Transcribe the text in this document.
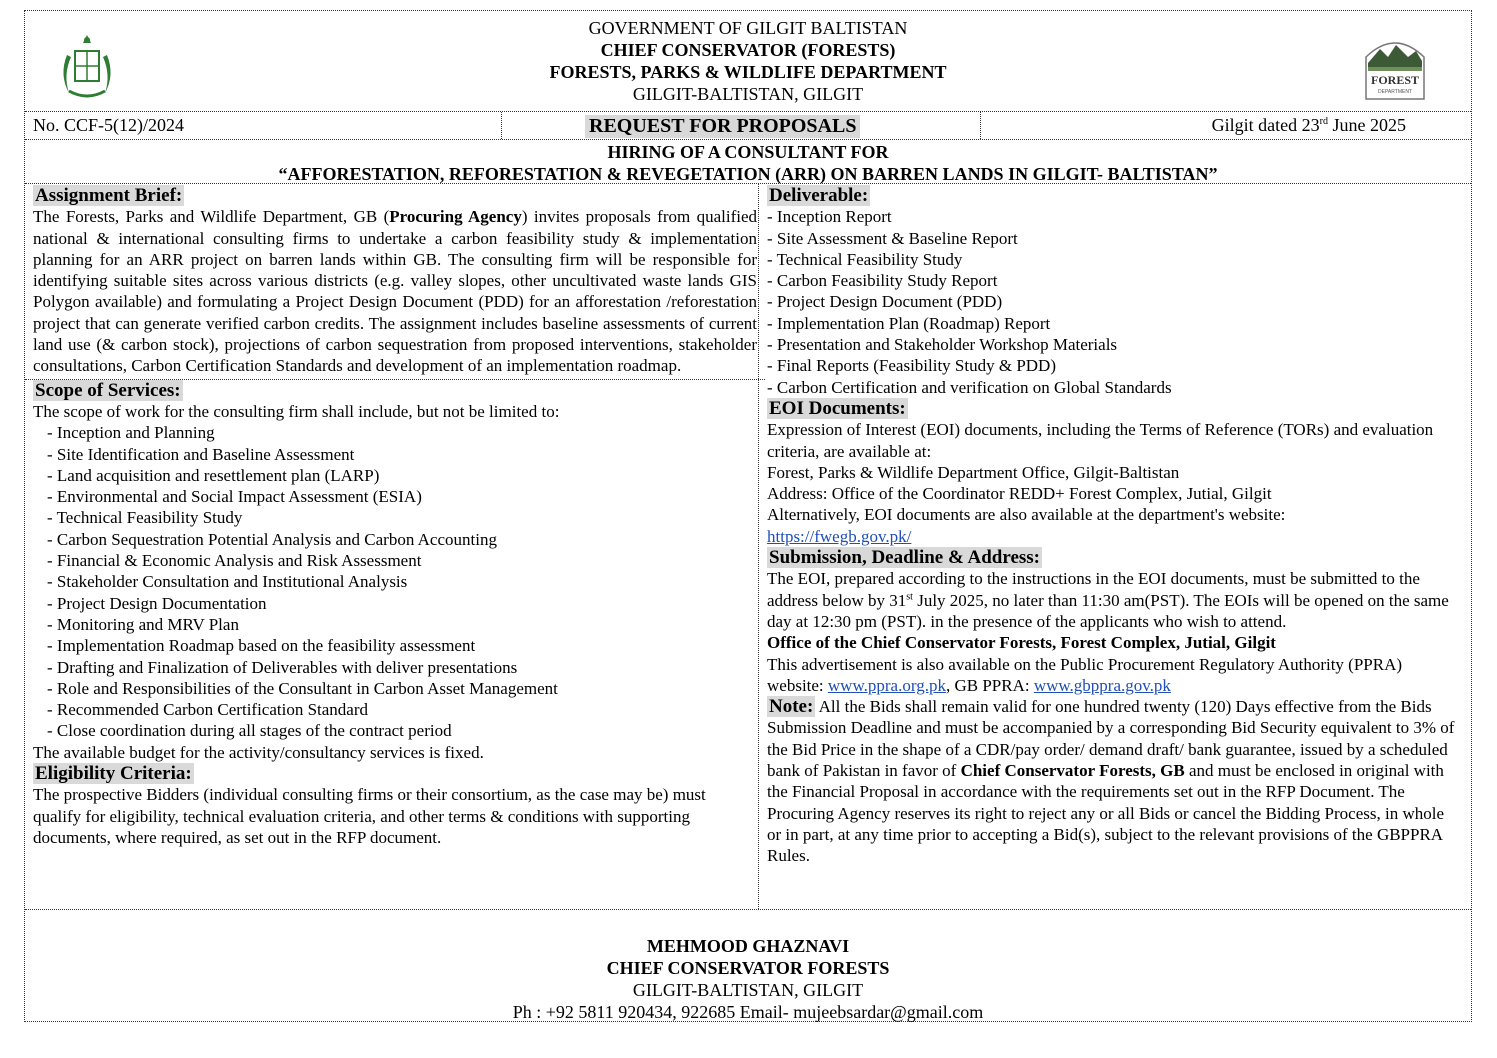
GOVERNMENT OF GILGIT BALTISTAN
CHIEF CONSERVATOR (FORESTS)
FORESTS, PARKS & WILDLIFE DEPARTMENT
GILGIT-BALTISTAN, GILGIT
FOREST
DEPARTMENT
No. CCF-5(12)/2024	REQUEST FOR PROPOSALS	Gilgit dated 23rd June 2025
HIRING OF A CONSULTANT FOR
“AFFORESTATION, REFORESTATION & REVEGETATION (ARR) ON BARREN LANDS IN GILGIT- BALTISTAN”
Assignment Brief:
The Forests, Parks and Wildlife Department, GB (Procuring Agency) invites proposals from qualified national & international consulting firms to undertake a carbon feasibility study & implementation planning for an ARR project on barren lands within GB. The consulting firm will be responsible for identifying suitable sites across various districts (e.g. valley slopes, other uncultivated waste lands GIS Polygon available) and formulating a Project Design Document (PDD) for an afforestation /reforestation project that can generate verified carbon credits. The assignment includes baseline assessments of current land use (& carbon stock), projections of carbon sequestration from proposed interventions, stakeholder consultations, Carbon Certification Standards and development of an implementation roadmap.
Scope of Services:
The scope of work for the consulting firm shall include, but not be limited to:
- Inception and Planning
- Site Identification and Baseline Assessment
- Land acquisition and resettlement plan (LARP)
- Environmental and Social Impact Assessment (ESIA)
- Technical Feasibility Study
- Carbon Sequestration Potential Analysis and Carbon Accounting
- Financial & Economic Analysis and Risk Assessment
- Stakeholder Consultation and Institutional Analysis
- Project Design Documentation
- Monitoring and MRV Plan
- Implementation Roadmap based on the feasibility assessment
- Drafting and Finalization of Deliverables with deliver presentations
- Role and Responsibilities of the Consultant in Carbon Asset Management
- Recommended Carbon Certification Standard
- Close coordination during all stages of the contract period
The available budget for the activity/consultancy services is fixed.
Eligibility Criteria:
The prospective Bidders (individual consulting firms or their consortium, as the case may be) must qualify for eligibility, technical evaluation criteria, and other terms & conditions with supporting documents, where required, as set out in the RFP document.
Deliverable:
- Inception Report
- Site Assessment & Baseline Report
- Technical Feasibility Study
- Carbon Feasibility Study Report
- Project Design Document (PDD)
- Implementation Plan (Roadmap) Report
- Presentation and Stakeholder Workshop Materials
- Final Reports (Feasibility Study & PDD)
- Carbon Certification and verification on Global Standards
EOI Documents:
Expression of Interest (EOI) documents, including the Terms of Reference (TORs) and evaluation criteria, are available at:
Forest, Parks & Wildlife Department Office, Gilgit-Baltistan
Address: Office of the Coordinator REDD+ Forest Complex, Jutial, Gilgit
Alternatively, EOI documents are also available at the department's website:
https://fwegb.gov.pk/
Submission, Deadline & Address:
The EOI, prepared according to the instructions in the EOI documents, must be submitted to the address below by 31st July 2025, no later than 11:30 am(PST). The EOIs will be opened on the same day at 12:30 pm (PST). in the presence of the applicants who wish to attend.
Office of the Chief Conservator Forests, Forest Complex, Jutial, Gilgit
This advertisement is also available on the Public Procurement Regulatory Authority (PPRA) website: www.ppra.org.pk, GB PPRA: www.gbppra.gov.pk
Note: All the Bids shall remain valid for one hundred twenty (120) Days effective from the Bids Submission Deadline and must be accompanied by a corresponding Bid Security equivalent to 3% of the Bid Price in the shape of a CDR/pay order/ demand draft/ bank guarantee, issued by a scheduled bank of Pakistan in favor of Chief Conservator Forests, GB and must be enclosed in original with the Financial Proposal in accordance with the requirements set out in the RFP Document. The Procuring Agency reserves its right to reject any or all Bids or cancel the Bidding Process, in whole or in part, at any time prior to accepting a Bid(s), subject to the relevant provisions of the GBPPRA Rules.
MEHMOOD GHAZNAVI
CHIEF CONSERVATOR FORESTS
GILGIT-BALTISTAN, GILGIT
Ph : +92 5811 920434, 922685 Email- mujeebsardar@gmail.com
